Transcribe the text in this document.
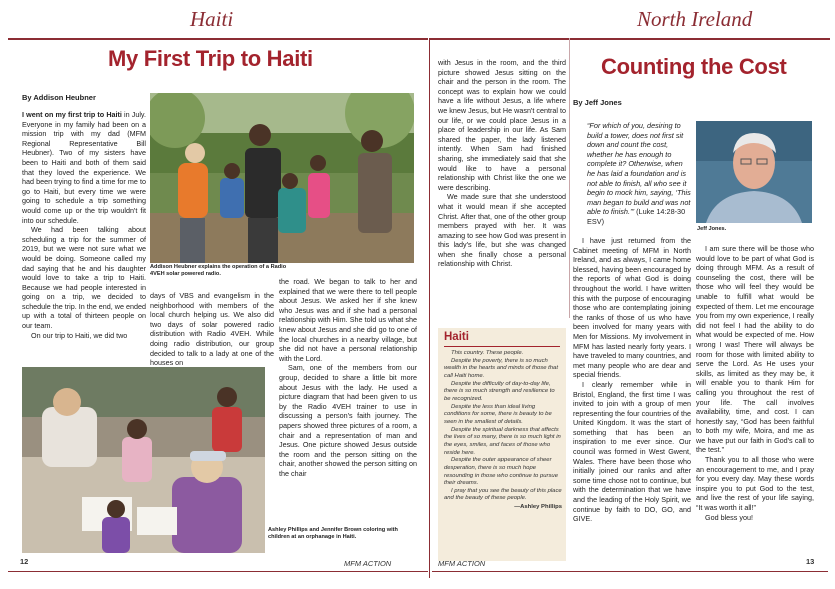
Haiti
My First Trip to Haiti
By Addison Heubner

I went on my first trip to Haiti in July. Everyone in my family had been on a mission trip with my dad (MFM Regional Representative Bill Heubner). Two of my sisters have been to Haiti and both of them said that they loved the experience. We had been trying to find a time for me to go to Haiti, but every time we were going to schedule a trip something would come up or the trip wouldn't fit into our schedule.

We had been talking about scheduling a trip for the summer of 2019, but we were not sure what we would be doing. Someone called my dad saying that he and his daughter would love to take a trip to Haiti. Because we had people interested in going on a trip, we decided to schedule the trip. In the end, we ended up with a total of thirteen people on our team.

On our trip to Haiti, we did two

Addison Heubner explains the operation of a Radio 4VEH solar powered radio.

days of VBS and evangelism in the neighborhood with members of the local church helping us. We also did two days of solar powered radio distribution with Radio 4VEH. While doing radio distribution, our group decided to talk to a lady at one of the houses on

the road. We began to talk to her and explained that we were there to tell people about Jesus. We asked her if she knew who Jesus was and if she had a personal relationship with Him. She told us what she knew about Jesus and she did go to one of the local churches in a nearby village, but she did not have a personal relationship with the Lord.

Sam, one of the members from our group, decided to share a little bit more about Jesus with the lady. He used a picture diagram that had been given to us by the Radio 4VEH trainer to use in discussing a person's faith journey. The papers showed three pictures of a room, a chair and a representation of man and Jesus. One picture showed Jesus outside the room and the person sitting on the chair, another showed the person sitting on the chair

Ashley Phillips and Jennifer Brown coloring with children at an orphanage in Haiti.

with Jesus in the room, and the third picture showed Jesus sitting on the chair and the person in the room. The concept was to explain how we could have a life without Jesus, a life where we knew Jesus, but He wasn't central to our life, or we could place Jesus in a place of leadership in our life. As Sam shared the paper, the lady listened intently. When Sam had finished sharing, she immediately said that she would like to have a personal relationship with Christ like the one we were describing.

We made sure that she understood what it would mean if she accepted Christ. After that, one of the other group members prayed with her. It was amazing to see how God was present in this lady's life, but she was changed when she finally chose a personal relationship with Christ.

Haiti

This country. These people.

Despite the poverty, there is so much wealth in the hearts and minds of those that call Haiti home.

Despite the difficulty of day-to-day life, there is so much strength and resilience to be recognized.

Despite the less than ideal living conditions for some, there is beauty to be seen in the smallest of details.

Despite the spiritual darkness that affects the lives of so many, there is so much light in the eyes, smiles, and faces of those who reside here.

Despite the outer appearance of sheer desperation, there is so much hope resounding in those who continue to pursue their dreams.

I pray that you see the beauty of this place and the beauty of these people.

—Ashley Phillips

12	MFM ACTION	MFM ACTION
North Ireland
Counting the Cost
By Jeff Jones
“For which of you, desiring to build a tower, does not first sit down and count the cost, whether he has enough to complete it? Otherwise, when he has laid a foundation and is not able to finish, all who see it begin to mock him, saying, ‘This man began to build and was not able to finish.’” (Luke 14:28-30 ESV)
Jeff Jones.

I have just returned from the Cabinet meeting of MFM in North Ireland, and as always, I came home blessed, having been encouraged by the reports of what God is doing throughout the world. I have written this with the purpose of encouraging those who are contemplating joining the ranks of those of us who have been involved for many years with Men for Missions. My involvement in MFM has lasted nearly forty years. I have traveled to many countries, and met many people who are dear and special friends.

I clearly remember while in Bristol, England, the first time I was invited to join with a group of men representing the four countries of the United Kingdom. It was the start of something that has been an inspiration to me ever since. Our council was formed in West Gwent, Wales. There have been those who initially joined our ranks and after some time chose not to continue, but with the determination that we have and the leading of the Holy Spirit, we continue by faith to DO, GO, and GIVE.

I am sure there will be those who would love to be part of what God is doing through MFM. As a result of counseling the cost, there will be those who will feel they would be unable to fulfill what would be expected of them. Let me encourage you from my own experience, I really did not feel I had the ability to do what would be expected of me. How wrong I was! There will always be room for those with limited ability to serve the Lord. As He uses your skills, as limited as they may be, it will enable you to thank Him for calling you throughout the rest of your life. The call involves availability, time, and cost. I can honestly say, “God has been faithful to both my wife, Moira, and me as we have put our faith in God's call to the test.”

Thank you to all those who were an encouragement to me, and I pray for you every day. May these words inspire you to put God to the test, and live the rest of your life saying, “It was worth it all!”

God bless you!

13
